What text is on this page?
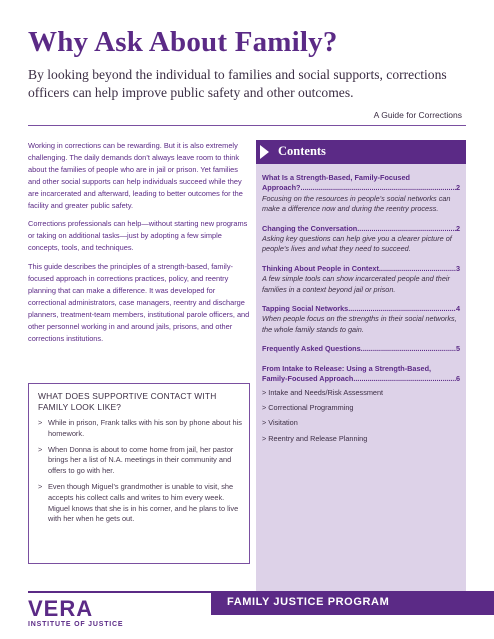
Why Ask About Family?
By looking beyond the individual to families and social supports, corrections officers can help improve public safety and other outcomes.
A Guide for Corrections

Working in corrections can be rewarding. But it is also extremely challenging. The daily demands don’t always leave room to think about the families of people who are in jail or prison. Yet families and other social supports can help individuals succeed while they are incarcerated and afterward, leading to better outcomes for the facility and greater public safety.

Corrections professionals can help—without starting new programs or taking on additional tasks—just by adopting a few simple concepts, tools, and techniques.

This guide describes the principles of a strength-based, family-focused approach in corrections practices, policy, and reentry planning that can make a difference. It was developed for correctional administrators, case managers, reentry and discharge planners, treatment-team members, institutional parole officers, and other personnel working in and around jails, prisons, and other corrections institutions.

WHAT DOES SUPPORTIVE CONTACT WITH FAMILY LOOK LIKE?
> While in prison, Frank talks with his son by phone about his homework.
> When Donna is about to come home from jail, her pastor brings her a list of N.A. meetings in their community and offers to go with her.
> Even though Miguel’s grandmother is unable to visit, she accepts his collect calls and writes to him every week. Miguel knows that she is in his corner, and he plans to live with her when he gets out.
Contents
What Is a Strength-Based, Family-Focused
Approach? .....	2
Focusing on the resources in people’s social networks can make a difference now and during the reentry process.
Changing the Conversation .....	2
Asking key questions can help give you a clearer picture of people’s lives and what they need to succeed.
Thinking About People in Context .....	3
A few simple tools can show incarcerated people and their families in a context beyond jail or prison.
Tapping Social Networks .....	4
When people focus on the strengths in their social networks, the whole family stands to gain.
Frequently Asked Questions .....	5
From Intake to Release: Using a Strength-Based,
Family-Focused Approach .....	6
> Intake and Needs/Risk Assessment
> Correctional Programming
> Visitation
> Reentry and Release Planning
VERA
INSTITUTE OF JUSTICE
FAMILY JUSTICE PROGRAM
